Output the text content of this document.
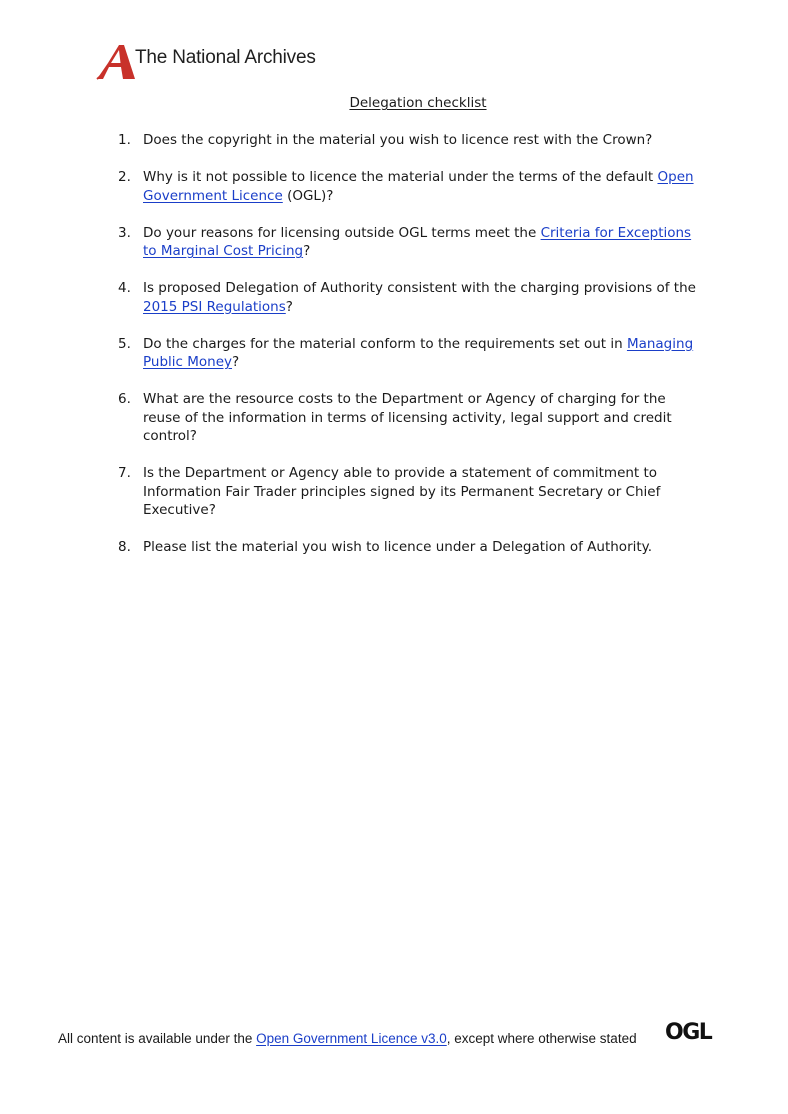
The National Archives
Delegation checklist
1. Does the copyright in the material you wish to licence rest with the Crown?
2. Why is it not possible to licence the material under the terms of the default Open Government Licence (OGL)?
3. Do your reasons for licensing outside OGL terms meet the Criteria for Exceptions to Marginal Cost Pricing?
4. Is proposed Delegation of Authority consistent with the charging provisions of the 2015 PSI Regulations?
5. Do the charges for the material conform to the requirements set out in Managing Public Money?
6. What are the resource costs to the Department or Agency of charging for the reuse of the information in terms of licensing activity, legal support and credit control?
7. Is the Department or Agency able to provide a statement of commitment to Information Fair Trader principles signed by its Permanent Secretary or Chief Executive?
8. Please list the material you wish to licence under a Delegation of Authority.
All content is available under the Open Government Licence v3.0, except where otherwise stated OGL
